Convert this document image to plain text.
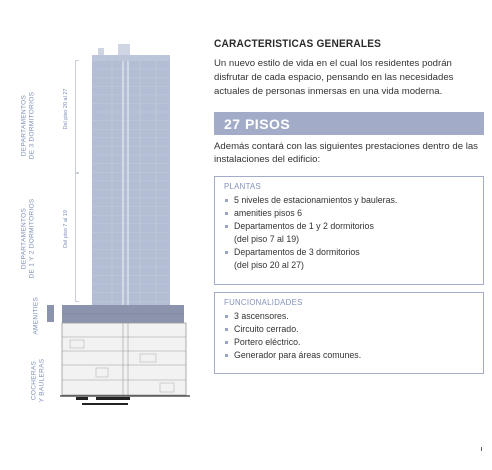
DEPARTAMENTOS DE 3 DORMITORIOS	Del piso 20 al 27
DEPARTAMENTOS DE 1 Y 2 DORMITORIOS	Del piso 7 al 19
AMENITIES
COCHERAS Y BAULERAS
CARACTERISTICAS GENERALES
Un nuevo estilo de vida en el cual los residentes podrán disfrutar de cada espacio, pensando en las necesidades actuales de personas inmersas en una vida moderna.
27 PISOS
Además contará con las siguientes prestaciones dentro de las instalaciones del edificio:
PLANTAS
5 niveles de estacionamientos y bauleras.
amenities pisos 6
Departamentos de 1 y 2 dormitorios
(del piso 7 al 19)
Departamentos de 3 dormitorios
(del piso 20 al 27)
FUNCIONALIDADES
3 ascensores.
Circuito cerrado.
Portero eléctrico.
Generador para áreas comunes.
